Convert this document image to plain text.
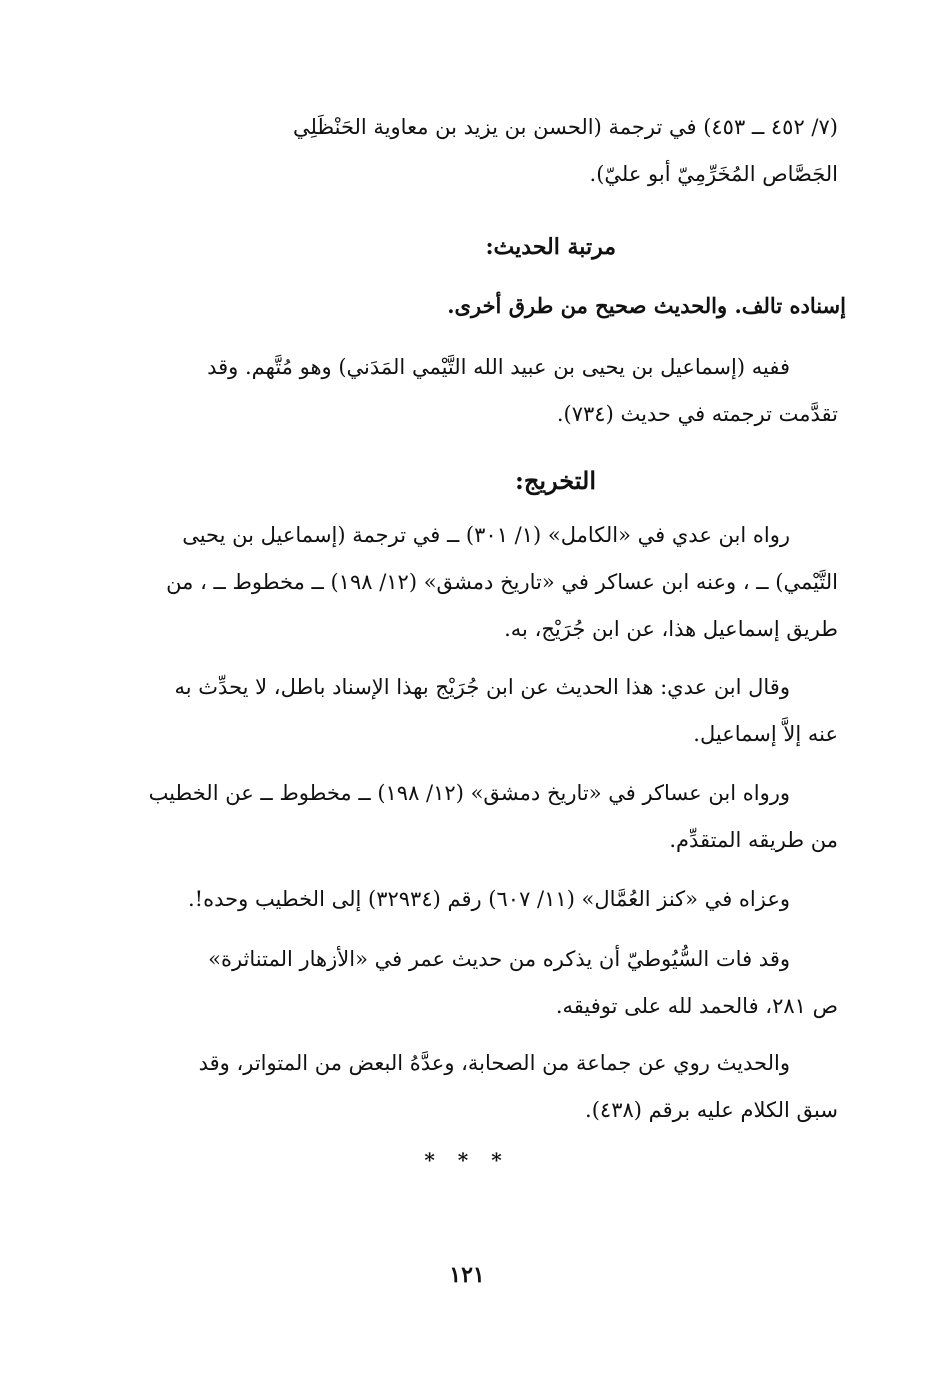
(٧/ ٤٥٢ ــ ٤٥٣) في ترجمة (الحسن بن يزيد بن معاوية الحَنْظَلِي
الجَصَّاص المُخَرِّمِيّ أبو عليّ).
مرتبة الحديث:
إسناده تالف. والحديث صحيح من طرق أخرى.
ففيه (إسماعيل بن يحيى بن عبيد الله التَّيْمي المَدَني) وهو مُتَّهم. وقد
تقدَّمت ترجمته في حديث (٧٣٤).
التخريج:
رواه ابن عدي في «الكامل» (١/ ٣٠١) ــ في ترجمة (إسماعيل بن يحيى
التَّيْمي) ــ ، وعنه ابن عساكر في «تاريخ دمشق» (١٢/ ١٩٨) ــ مخطوط ــ ، من
طريق إسماعيل هذا، عن ابن جُرَيْج، به.
وقال ابن عدي: هذا الحديث عن ابن جُرَيْج بهذا الإسناد باطل، لا يحدِّث به
عنه إلاَّ إسماعيل.
ورواه ابن عساكر في «تاريخ دمشق» (١٢/ ١٩٨) ــ مخطوط ــ عن الخطيب
من طريقه المتقدِّم.
وعزاه في «كنز العُمَّال» (١١/ ٦٠٧) رقم (٣٢٩٣٤) إلى الخطيب وحده!.
وقد فات السُّيُوطيّ أن يذكره من حديث عمر في «الأزهار المتناثرة»
ص ٢٨١، فالحمد لله على توفيقه.
والحديث روي عن جماعة من الصحابة، وعدَّهُ البعض من المتواتر، وقد
سبق الكلام عليه برقم (٤٣٨).
* * *
١٢١
